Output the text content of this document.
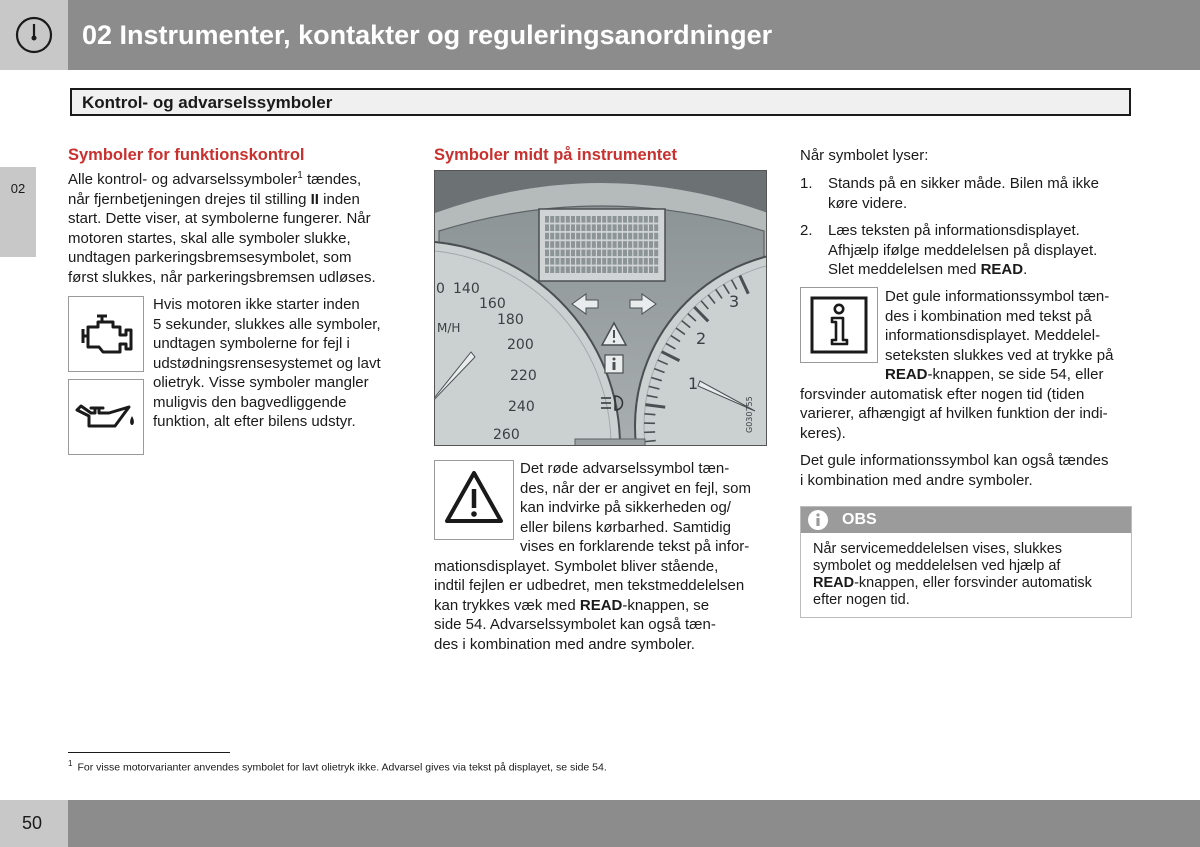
02 Instrumenter, kontakter og reguleringsanordninger
02
Kontrol- og advarselssymboler
Symboler for funktionskontrol
Alle kontrol- og advarselssymboler$^1$ tændes,
når fjernbetjeningen drejes til stilling II inden
start. Dette viser, at symbolerne fungerer. Når
motoren startes, skal alle symboler slukke,
undtagen parkeringsbremsesymbolet, som
først slukkes, når parkeringsbremsen udløses.
Hvis motoren ikke starter inden
5 sekunder, slukkes alle symboler,
undtagen symbolerne for fejl i
udstødningsrensesystemet og lavt
olietryk. Visse symboler mangler
muligvis den bagvedliggende
funktion, alt efter bilens udstyr.
Symboler midt på instrumentet
140
160
180
200
220
240
260
0
M/H
3
2
1
G030755
Det røde advarselssymbol tæn-
des, når der er angivet en fejl, som
kan indvirke på sikkerheden og/
eller bilens kørbarhed. Samtidig
vises en forklarende tekst på infor-
mationsdisplayet. Symbolet bliver stående,
indtil fejlen er udbedret, men tekstmeddelelsen
kan trykkes væk med READ-knappen, se
side 54. Advarselssymbolet kan også tæn-
des i kombination med andre symboler.
Når symbolet lyser:
1. Stands på en sikker måde. Bilen må ikke
køre videre.
2. Læs teksten på informationsdisplayet.
Afhjælp ifølge meddelelsen på displayet.
Slet meddelelsen med READ.
Det gule informationssymbol tæn-
des i kombination med tekst på
informationsdisplayet. Meddelel-
seteksten slukkes ved at trykke på
READ-knappen, se side 54, eller
forsvinder automatisk efter nogen tid (tiden
varierer, afhængigt af hvilken funktion der indi-
keres).
Det gule informationssymbol kan også tændes
i kombination med andre symboler.
OBS
Når servicemeddelelsen vises, slukkes
symbolet og meddelelsen ved hjælp af
READ-knappen, eller forsvinder automatisk
efter nogen tid.
$^1$ For visse motorvarianter anvendes symbolet for lavt olietryk ikke. Advarsel gives via tekst på displayet, se side 54.
50
